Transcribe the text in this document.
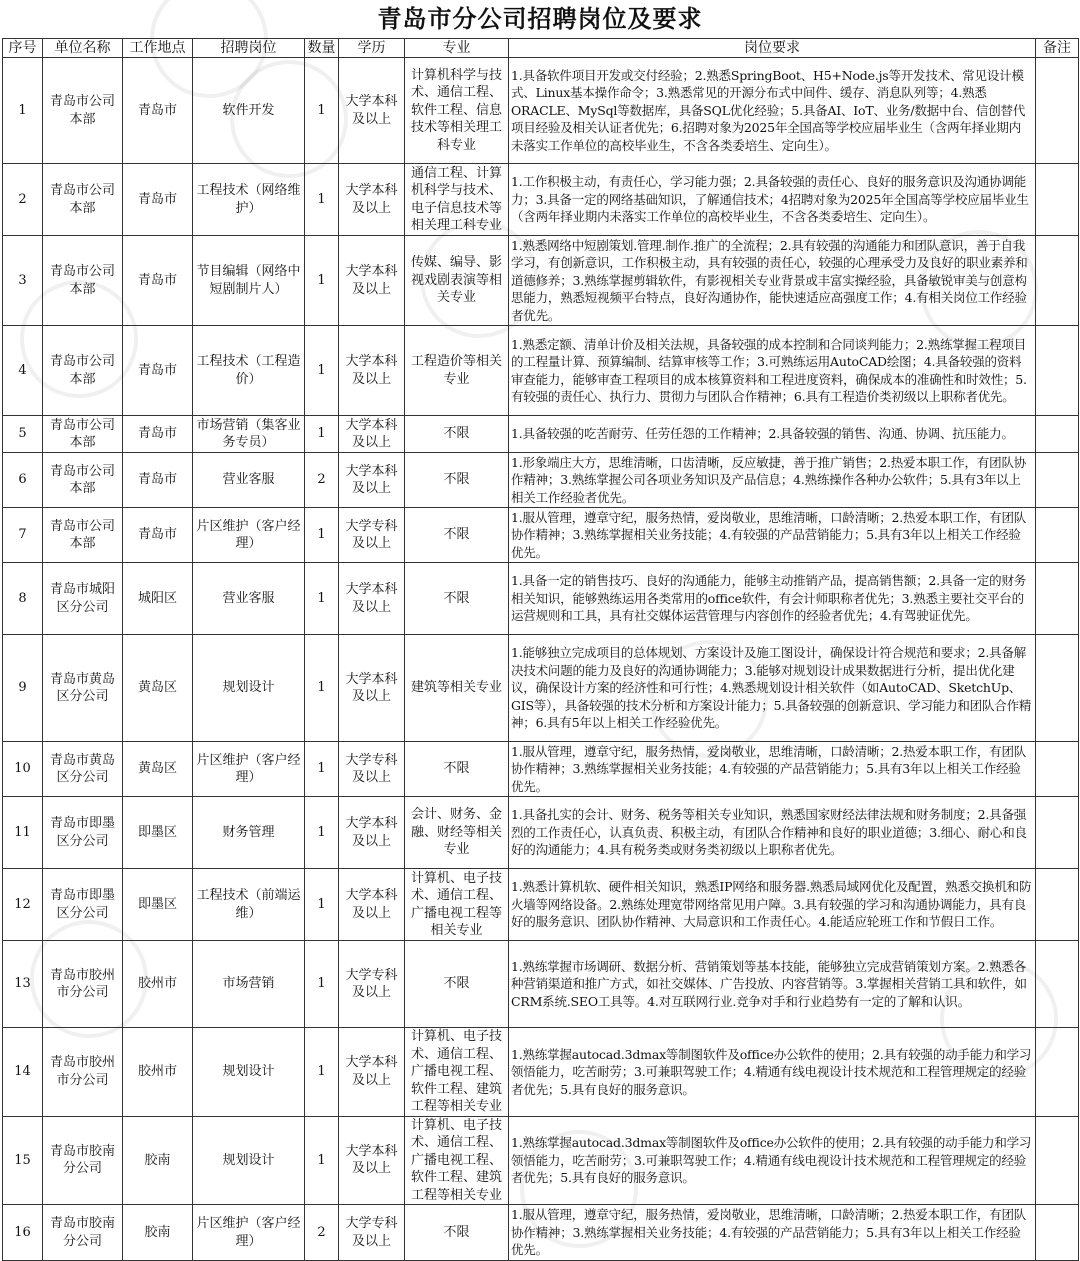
青岛市分公司招聘岗位及要求
序号	单位名称	工作地点	招聘岗位	数量	学历	专业	岗位要求	备注
1	青岛市公司本部	青岛市	软件开发	1	大学本科及以上	计算机科学与技术、通信工程、软件工程、信息技术等相关理工科专业	1.具备软件项目开发或交付经验；2.熟悉SpringBoot、H5+Node.js等开发技术、常见设计模式、Linux基本操作命令；3.熟悉常见的开源分布式中间件、缓存、消息队列等；4.熟悉ORACLE、MySql等数据库，具备SQL优化经验；5.具备AI、IoT、业务/数据中台、信创替代项目经验及相关认证者优先；6.招聘对象为2025年全国高等学校应届毕业生（含两年择业期内未落实工作单位的高校毕业生，不含各类委培生、定向生）。	
2	青岛市公司本部	青岛市	工程技术（网络维护）	1	大学本科及以上	通信工程、计算机科学与技术、电子信息技术等相关理工科专业	1.工作积极主动，有责任心，学习能力强；2.具备较强的责任心、良好的服务意识及沟通协调能力；3.具备一定的网络基础知识，了解通信技术；4招聘对象为2025年全国高等学校应届毕业生（含两年择业期内未落实工作单位的高校毕业生，不含各类委培生、定向生）。	
3	青岛市公司本部	青岛市	节目编辑（网络中短剧制片人）	1	大学本科及以上	传媒、编导、影视戏剧表演等相关专业	1.熟悉网络中短剧策划.管理.制作.推广的全流程；2.具有较强的沟通能力和团队意识，善于自我学习，有创新意识，工作积极主动，具有较强的责任心，较强的心理承受力及良好的职业素养和道德修养；3.熟练掌握剪辑软件，有影视相关专业背景或丰富实操经验，具备敏锐审美与创意构思能力，熟悉短视频平台特点，良好沟通协作，能快速适应高强度工作；4.有相关岗位工作经验者优先。	
4	青岛市公司本部	青岛市	工程技术（工程造价）	1	大学本科及以上	工程造价等相关专业	1.熟悉定额、清单计价及相关法规，具备较强的成本控制和合同谈判能力；2.熟练掌握工程项目的工程量计算、预算编制、结算审核等工作；3.可熟练运用AutoCAD绘图；4.具备较强的资料审查能力，能够审查工程项目的成本核算资料和工程进度资料，确保成本的准确性和时效性；5.有较强的责任心、执行力、贯彻力与团队合作精神；6.具有工程造价类初级以上职称者优先。	
5	青岛市公司本部	青岛市	市场营销（集客业务专员）	1	大学本科及以上	不限	1.具备较强的吃苦耐劳、任劳任怨的工作精神；2.具备较强的销售、沟通、协调、抗压能力。	
6	青岛市公司本部	青岛市	营业客服	2	大学本科及以上	不限	1.形象端庄大方，思维清晰，口齿清晰，反应敏捷，善于推广销售；2.热爱本职工作，有团队协作精神；3.熟练掌握公司各项业务知识及产品信息；4.熟练操作各种办公软件；5.具有3年以上相关工作经验者优先。	
7	青岛市公司本部	青岛市	片区维护（客户经理）	1	大学专科及以上	不限	1.服从管理，遵章守纪，服务热情，爱岗敬业，思维清晰，口龄清晰；2.热爱本职工作，有团队协作精神；3.熟练掌握相关业务技能；4.有较强的产品营销能力；5.具有3年以上相关工作经验优先。	
8	青岛市城阳区分公司	城阳区	营业客服	1	大学本科及以上	不限	1.具备一定的销售技巧、良好的沟通能力，能够主动推销产品，提高销售额；2.具备一定的财务相关知识，能够熟练运用各类常用的office软件，有会计师职称者优先；3.熟悉主要社交平台的运营规则和工具，具有社交媒体运营管理与内容创作的经验者优先；4.有驾驶证优先。	
9	青岛市黄岛区分公司	黄岛区	规划设计	1	大学本科及以上	建筑等相关专业	1.能够独立完成项目的总体规划、方案设计及施工图设计，确保设计符合规范和要求；2.具备解决技术问题的能力及良好的沟通协调能力；3.能够对规划设计成果数据进行分析，提出优化建议，确保设计方案的经济性和可行性；4.熟悉规划设计相关软件（如AutoCAD、SketchUp、GIS等），具备较强的技术分析和方案设计能力；5.具备较强的创新意识、学习能力和团队合作精神；6.具有5年以上相关工作经验优先。	
10	青岛市黄岛区分公司	黄岛区	片区维护（客户经理）	1	大学专科及以上	不限	1.服从管理，遵章守纪，服务热情，爱岗敬业，思维清晰，口龄清晰；2.热爱本职工作，有团队协作精神；3.熟练掌握相关业务技能；4.有较强的产品营销能力；5.具有3年以上相关工作经验优先。	
11	青岛市即墨区分公司	即墨区	财务管理	1	大学本科及以上	会计、财务、金融、财经等相关专业	1.具备扎实的会计、财务、税务等相关专业知识，熟悉国家财经法律法规和财务制度；2.具备强烈的工作责任心，认真负责、积极主动，有团队合作精神和良好的职业道德；3.细心、耐心和良好的沟通能力；4.具有税务类或财务类初级以上职称者优先。	
12	青岛市即墨区分公司	即墨区	工程技术（前端运维）	1	大学本科及以上	计算机、电子技术、通信工程、广播电视工程等相关专业	1.熟悉计算机软、硬件相关知识，熟悉IP网络和服务器.熟悉局域网优化及配置，熟悉交换机和防火墙等网络设备。2.熟练处理宽带网络常见用户障。3.具有较强的学习和沟通协调能力，具有良好的服务意识、团队协作精神、大局意识和工作责任心。4.能适应轮班工作和节假日工作。	
13	青岛市胶州市分公司	胶州市	市场营销	1	大学专科及以上	不限	1.熟练掌握市场调研、数据分析、营销策划等基本技能，能够独立完成营销策划方案。2.熟悉各种营销渠道和推广方式，如社交媒体、广告投放、内容营销等。3.掌握相关营销工具和软件，如CRM系统.SEO工具等。4.对互联网行业.竞争对手和行业趋势有一定的了解和认识。	
14	青岛市胶州市分公司	胶州市	规划设计	1	大学本科及以上	计算机、电子技术、通信工程、广播电视工程、软件工程、建筑工程等相关专业	1.熟练掌握autocad.3dmax等制图软件及office办公软件的使用；2.具有较强的动手能力和学习领悟能力，吃苦耐劳；3.可兼职驾驶工作；4.精通有线电视设计技术规范和工程管理规定的经验者优先；5.具有良好的服务意识。	
15	青岛市胶南分公司	胶南	规划设计	1	大学本科及以上	计算机、电子技术、通信工程、广播电视工程、软件工程、建筑工程等相关专业	1.熟练掌握autocad.3dmax等制图软件及office办公软件的使用；2.具有较强的动手能力和学习领悟能力，吃苦耐劳；3.可兼职驾驶工作；4.精通有线电视设计技术规范和工程管理规定的经验者优先；5.具有良好的服务意识。	
16	青岛市胶南分公司	胶南	片区维护（客户经理）	2	大学专科及以上	不限	1.服从管理，遵章守纪，服务热情，爱岗敬业，思维清晰，口龄清晰；2.热爱本职工作，有团队协作精神；3.熟练掌握相关业务技能；4.有较强的产品营销能力；5.具有3年以上相关工作经验优先。	
